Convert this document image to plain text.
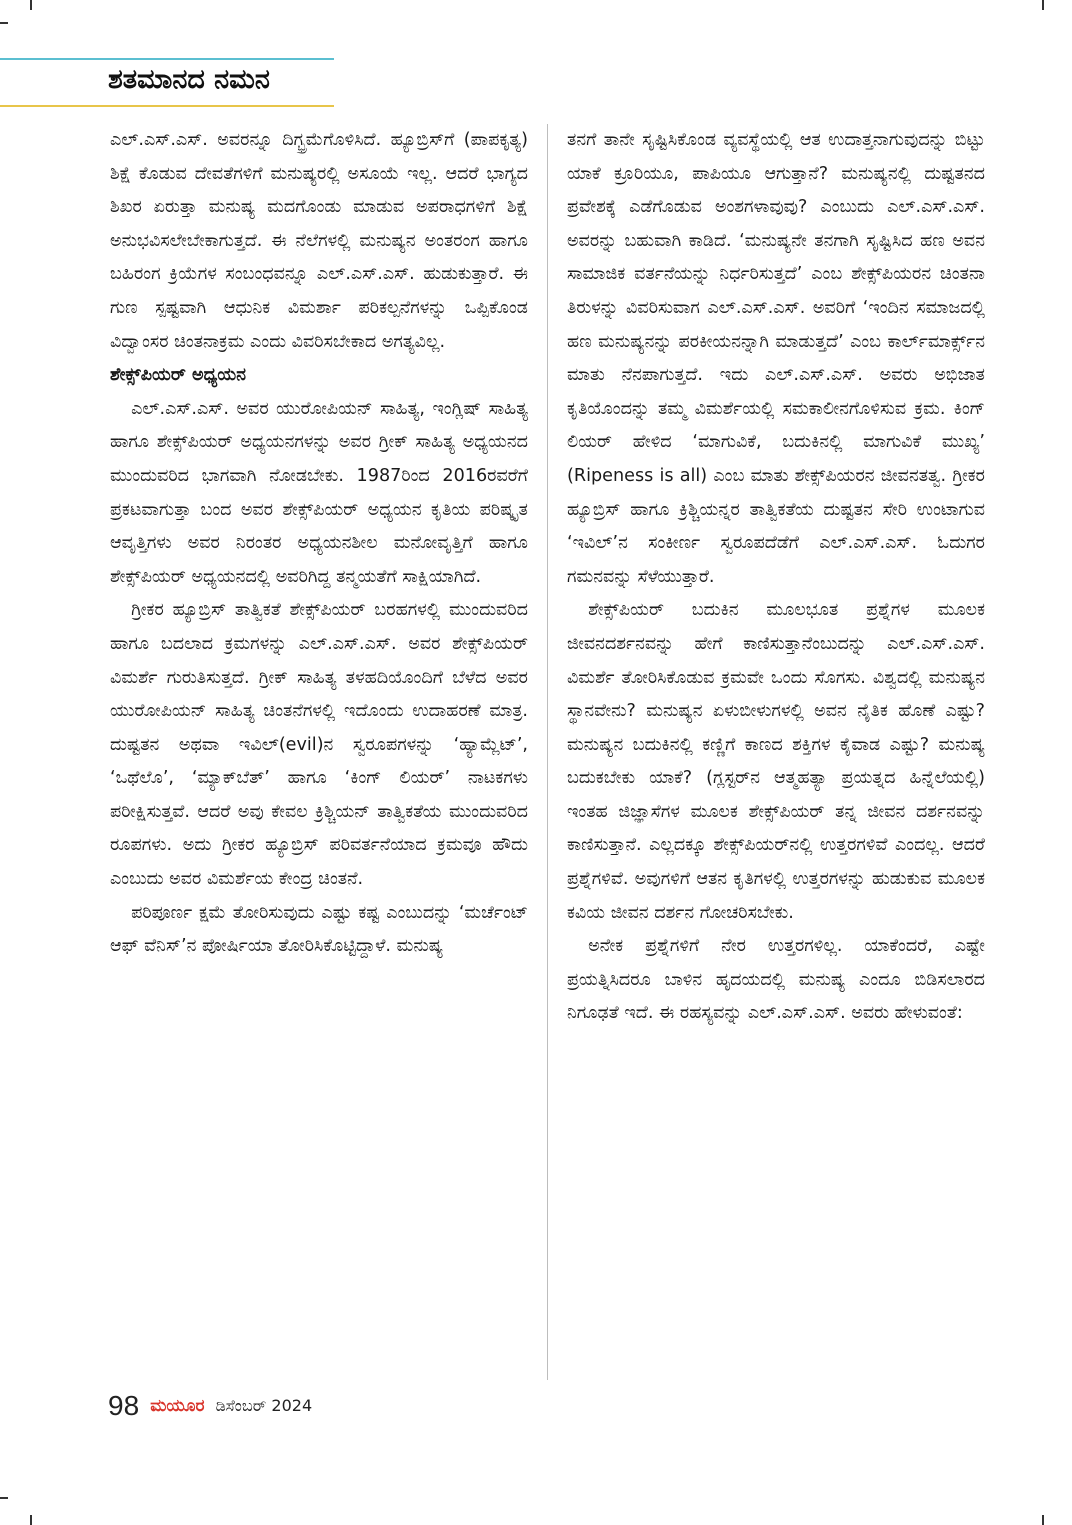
ಶತಮಾನದ ನಮನ

ಎಲ್.ಎಸ್.ಎಸ್. ಅವರನ್ನೂ ದಿಗ್ಭ್ರಮೆಗೊಳಿಸಿದೆ. ಹ್ಯೂಬ್ರಿಸ್‌ಗೆ (ಪಾಪಕೃತ್ಯ) ಶಿಕ್ಷೆ ಕೊಡುವ ದೇವತೆಗಳಿಗೆ ಮನುಷ್ಯರಲ್ಲಿ ಅಸೂಯೆ ಇಲ್ಲ. ಆದರೆ ಭಾಗ್ಯದ ಶಿಖರ ಏರುತ್ತಾ ಮನುಷ್ಯ ಮದಗೊಂಡು ಮಾಡುವ ಅಪರಾಧಗಳಿಗೆ ಶಿಕ್ಷೆ ಅನುಭವಿಸಲೇಬೇಕಾಗುತ್ತದೆ. ಈ ನೆಲೆಗಳಲ್ಲಿ ಮನುಷ್ಯನ ಅಂತರಂಗ ಹಾಗೂ ಬಹಿರಂಗ ಕ್ರಿಯೆಗಳ ಸಂಬಂಧವನ್ನೂ ಎಲ್.ಎಸ್.ಎಸ್. ಹುಡುಕುತ್ತಾರೆ. ಈ ಗುಣ ಸ್ಪಷ್ಟವಾಗಿ ಆಧುನಿಕ ವಿಮರ್ಶಾ ಪರಿಕಲ್ಪನೆಗಳನ್ನು ಒಪ್ಪಿಕೊಂಡ ವಿದ್ವಾಂಸರ ಚಿಂತನಾಕ್ರಮ ಎಂದು ವಿವರಿಸಬೇಕಾದ ಅಗತ್ಯವಿಲ್ಲ.

ಶೇಕ್ಸ್‌ಪಿಯರ್ ಅಧ್ಯಯನ

ಎಲ್.ಎಸ್.ಎಸ್. ಅವರ ಯುರೋಪಿಯನ್ ಸಾಹಿತ್ಯ, ಇಂಗ್ಲಿಷ್ ಸಾಹಿತ್ಯ ಹಾಗೂ ಶೇಕ್ಸ್‌ಪಿಯರ್ ಅಧ್ಯಯನಗಳನ್ನು ಅವರ ಗ್ರೀಕ್ ಸಾಹಿತ್ಯ ಅಧ್ಯಯನದ ಮುಂದುವರಿದ ಭಾಗವಾಗಿ ನೋಡಬೇಕು. 1987ರಿಂದ 2016ರವರೆಗೆ ಪ್ರಕಟವಾಗುತ್ತಾ ಬಂದ ಅವರ ಶೇಕ್ಸ್‌ಪಿಯರ್ ಅಧ್ಯಯನ ಕೃತಿಯ ಪರಿಷ್ಕೃತ ಆವೃತ್ತಿಗಳು ಅವರ ನಿರಂತರ ಅಧ್ಯಯನಶೀಲ ಮನೋವೃತ್ತಿಗೆ ಹಾಗೂ ಶೇಕ್ಸ್‌ಪಿಯರ್ ಅಧ್ಯಯನದಲ್ಲಿ ಅವರಿಗಿದ್ದ ತನ್ಮಯತೆಗೆ ಸಾಕ್ಷಿಯಾಗಿದೆ.

ಗ್ರೀಕರ ಹ್ಯೂಬ್ರಿಸ್ ತಾತ್ವಿಕತೆ ಶೇಕ್ಸ್‌ಪಿಯರ್ ಬರಹಗಳಲ್ಲಿ ಮುಂದುವರಿದ ಹಾಗೂ ಬದಲಾದ ಕ್ರಮಗಳನ್ನು ಎಲ್.ಎಸ್.ಎಸ್. ಅವರ ಶೇಕ್ಸ್‌ಪಿಯರ್ ವಿಮರ್ಶೆ ಗುರುತಿಸುತ್ತದೆ. ಗ್ರೀಕ್ ಸಾಹಿತ್ಯ ತಳಹದಿಯೊಂದಿಗೆ ಬೆಳೆದ ಅವರ ಯುರೋಪಿಯನ್ ಸಾಹಿತ್ಯ ಚಿಂತನೆಗಳಲ್ಲಿ ಇದೊಂದು ಉದಾಹರಣೆ ಮಾತ್ರ. ದುಷ್ಟತನ ಅಥವಾ ಇವಿಲ್(evil)ನ ಸ್ವರೂಪಗಳನ್ನು ‘ಹ್ಯಾಮ್ಲೆಟ್’, ‘ಒಥೆಲೊ’, ‘ಮ್ಯಾಕ್‌ಬೆತ್’ ಹಾಗೂ ‘ಕಿಂಗ್ ಲಿಯರ್’ ನಾಟಕಗಳು ಪರೀಕ್ಷಿಸುತ್ತವೆ. ಆದರೆ ಅವು ಕೇವಲ ಕ್ರಿಶ್ಚಿಯನ್ ತಾತ್ವಿಕತೆಯ ಮುಂದುವರಿದ ರೂಪಗಳು. ಅದು ಗ್ರೀಕರ ಹ್ಯೂಬ್ರಿಸ್ ಪರಿವರ್ತನೆಯಾದ ಕ್ರಮವೂ ಹೌದು ಎಂಬುದು ಅವರ ವಿಮರ್ಶೆಯ ಕೇಂದ್ರ ಚಿಂತನೆ.

ಪರಿಪೂರ್ಣ ಕ್ಷಮೆ ತೋರಿಸುವುದು ಎಷ್ಟು ಕಷ್ಟ ಎಂಬುದನ್ನು ‘ಮರ್ಚೆಂಟ್ ಆಫ್ ವೆನಿಸ್’ನ ಪೋರ್ಷಿಯಾ ತೋರಿಸಿಕೊಟ್ಟಿದ್ದಾಳೆ. ಮನುಷ್ಯ

ತನಗೆ ತಾನೇ ಸೃಷ್ಟಿಸಿಕೊಂಡ ವ್ಯವಸ್ಥೆಯಲ್ಲಿ ಆತ ಉದಾತ್ತನಾಗುವುದನ್ನು ಬಿಟ್ಟು ಯಾಕೆ ಕ್ರೂರಿಯೂ, ಪಾಪಿಯೂ ಆಗುತ್ತಾನೆ? ಮನುಷ್ಯನಲ್ಲಿ ದುಷ್ಟತನದ ಪ್ರವೇಶಕ್ಕೆ ಎಡೆಗೊಡುವ ಅಂಶಗಳಾವುವು? ಎಂಬುದು ಎಲ್.ಎಸ್.ಎಸ್. ಅವರನ್ನು ಬಹುವಾಗಿ ಕಾಡಿದೆ. ‘ಮನುಷ್ಯನೇ ತನಗಾಗಿ ಸೃಷ್ಟಿಸಿದ ಹಣ ಅವನ ಸಾಮಾಜಿಕ ವರ್ತನೆಯನ್ನು ನಿರ್ಧರಿಸುತ್ತದೆ’ ಎಂಬ ಶೇಕ್ಸ್‌ಪಿಯರನ ಚಿಂತನಾ ತಿರುಳನ್ನು ವಿವರಿಸುವಾಗ ಎಲ್.ಎಸ್.ಎಸ್. ಅವರಿಗೆ ‘ಇಂದಿನ ಸಮಾಜದಲ್ಲಿ ಹಣ ಮನುಷ್ಯನನ್ನು ಪರಕೀಯನನ್ನಾಗಿ ಮಾಡುತ್ತದೆ’ ಎಂಬ ಕಾರ್ಲ್‌ಮಾರ್ಕ್ಸ್‌ನ ಮಾತು ನೆನಪಾಗುತ್ತದೆ. ಇದು ಎಲ್.ಎಸ್.ಎಸ್. ಅವರು ಅಭಿಜಾತ ಕೃತಿಯೊಂದನ್ನು ತಮ್ಮ ವಿಮರ್ಶೆಯಲ್ಲಿ ಸಮಕಾಲೀನಗೊಳಿಸುವ ಕ್ರಮ. ಕಿಂಗ್ ಲಿಯರ್ ಹೇಳಿದ ‘ಮಾಗುವಿಕೆ, ಬದುಕಿನಲ್ಲಿ ಮಾಗುವಿಕೆ ಮುಖ್ಯ’ (Ripeness is all) ಎಂಬ ಮಾತು ಶೇಕ್ಸ್‌ಪಿಯರನ ಜೀವನತತ್ವ. ಗ್ರೀಕರ ಹ್ಯೂಬ್ರಿಸ್ ಹಾಗೂ ಕ್ರಿಶ್ಚಿಯನ್ನರ ತಾತ್ವಿಕತೆಯ ದುಷ್ಟತನ ಸೇರಿ ಉಂಟಾಗುವ ‘ಇವಿಲ್’ನ ಸಂಕೀರ್ಣ ಸ್ವರೂಪದೆಡೆಗೆ ಎಲ್.ಎಸ್.ಎಸ್. ಓದುಗರ ಗಮನವನ್ನು ಸೆಳೆಯುತ್ತಾರೆ.

ಶೇಕ್ಸ್‌ಪಿಯರ್ ಬದುಕಿನ ಮೂಲಭೂತ ಪ್ರಶ್ನೆಗಳ ಮೂಲಕ ಜೀವನದರ್ಶನವನ್ನು ಹೇಗೆ ಕಾಣಿಸುತ್ತಾನೆಂಬುದನ್ನು ಎಲ್.ಎಸ್.ಎಸ್. ವಿಮರ್ಶೆ ತೋರಿಸಿಕೊಡುವ ಕ್ರಮವೇ ಒಂದು ಸೊಗಸು. ವಿಶ್ವದಲ್ಲಿ ಮನುಷ್ಯನ ಸ್ಥಾನವೇನು? ಮನುಷ್ಯನ ಏಳುಬೀಳುಗಳಲ್ಲಿ ಅವನ ನೈತಿಕ ಹೊಣೆ ಎಷ್ಟು? ಮನುಷ್ಯನ ಬದುಕಿನಲ್ಲಿ ಕಣ್ಣಿಗೆ ಕಾಣದ ಶಕ್ತಿಗಳ ಕೈವಾಡ ಎಷ್ಟು? ಮನುಷ್ಯ ಬದುಕಬೇಕು ಯಾಕೆ? (ಗ್ಲಸ್ಟರ್‌ನ ಆತ್ಮಹತ್ಯಾ ಪ್ರಯತ್ನದ ಹಿನ್ನೆಲೆಯಲ್ಲಿ) ಇಂತಹ ಜಿಜ್ಞಾಸೆಗಳ ಮೂಲಕ ಶೇಕ್ಸ್‌ಪಿಯರ್ ತನ್ನ ಜೀವನ ದರ್ಶನವನ್ನು ಕಾಣಿಸುತ್ತಾನೆ. ಎಲ್ಲದಕ್ಕೂ ಶೇಕ್ಸ್‌ಪಿಯರ್‌ನಲ್ಲಿ ಉತ್ತರಗಳಿವೆ ಎಂದಲ್ಲ. ಆದರೆ ಪ್ರಶ್ನೆಗಳಿವೆ. ಅವುಗಳಿಗೆ ಆತನ ಕೃತಿಗಳಲ್ಲಿ ಉತ್ತರಗಳನ್ನು ಹುಡುಕುವ ಮೂಲಕ ಕವಿಯ ಜೀವನ ದರ್ಶನ ಗೋಚರಿಸಬೇಕು.

ಅನೇಕ ಪ್ರಶ್ನೆಗಳಿಗೆ ನೇರ ಉತ್ತರಗಳಿಲ್ಲ. ಯಾಕೆಂದರೆ, ಎಷ್ಟೇ ಪ್ರಯತ್ನಿಸಿದರೂ ಬಾಳಿನ ಹೃದಯದಲ್ಲಿ ಮನುಷ್ಯ ಎಂದೂ ಬಿಡಿಸಲಾರದ ನಿಗೂಢತೆ ಇದೆ. ಈ ರಹಸ್ಯವನ್ನು ಎಲ್.ಎಸ್.ಎಸ್. ಅವರು ಹೇಳುವಂತೆ:

98 ಮಯೂರ ಡಿಸೆಂಬರ್ 2024
